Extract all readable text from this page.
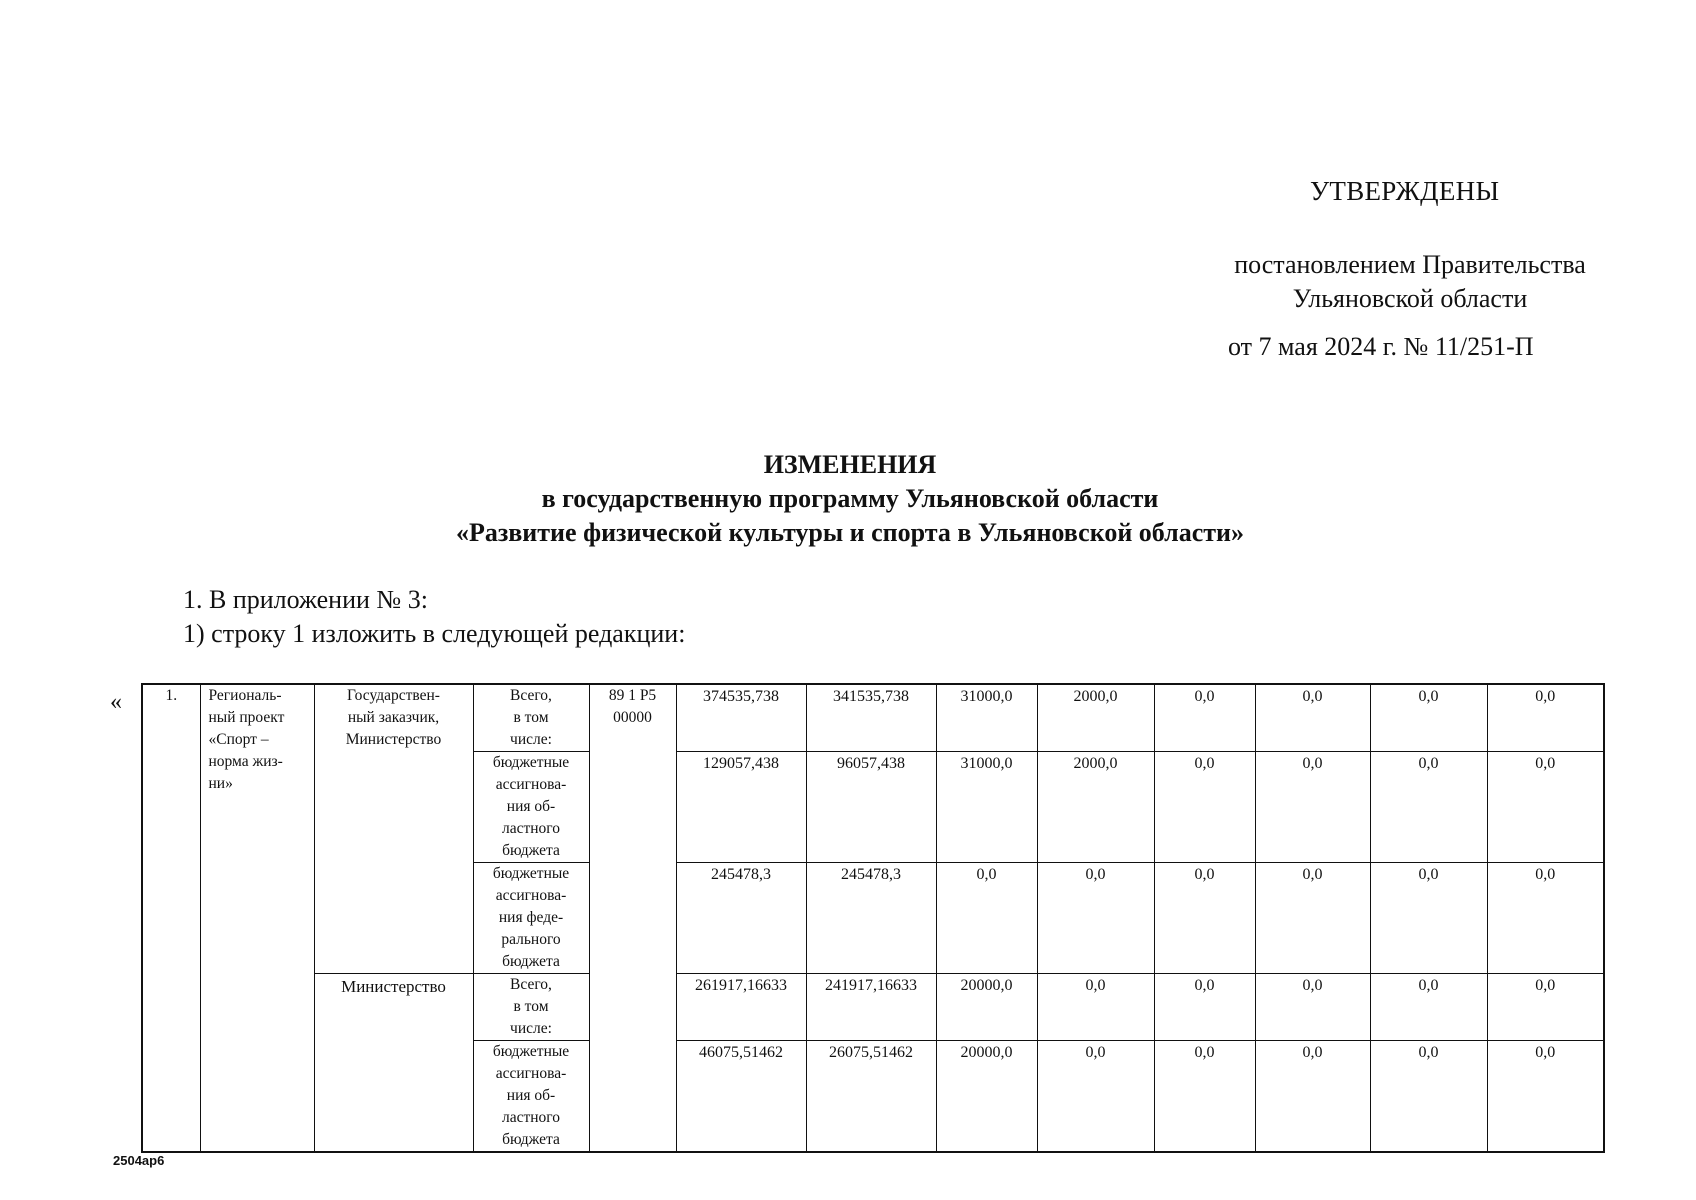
УТВЕРЖДЕНЫ
постановлением Правительства
Ульяновской области
от 7 мая 2024 г. № 11/251-П
ИЗМЕНЕНИЯ
в государственную программу Ульяновской области
«Развитие физической культуры и спорта в Ульяновской области»
1. В приложении № 3:
1) строку 1 изложить в следующей редакции:
«	1.	Региональ-
ный проект
«Спорт –
норма жиз-
ни»	Государствен-
ный заказчик,
Министерство	Всего,
в том
числе:	89 1 Р5
00000	374535,738	341535,738	31000,0	2000,0	0,0	0,0	0,0	0,0
			бюджетные
ассигнова-
ния об-
ластного
бюджета		129057,438	96057,438	31000,0	2000,0	0,0	0,0	0,0	0,0
			бюджетные
ассигнова-
ния феде-
рального
бюджета		245478,3	245478,3	0,0	0,0	0,0	0,0	0,0	0,0
		Министерство	Всего,
в том
числе:		261917,16633	241917,16633	20000,0	0,0	0,0	0,0	0,0	0,0
			бюджетные
ассигнова-
ния об-
ластного
бюджета		46075,51462	26075,51462	20000,0	0,0	0,0	0,0	0,0	0,0
2504ар6
